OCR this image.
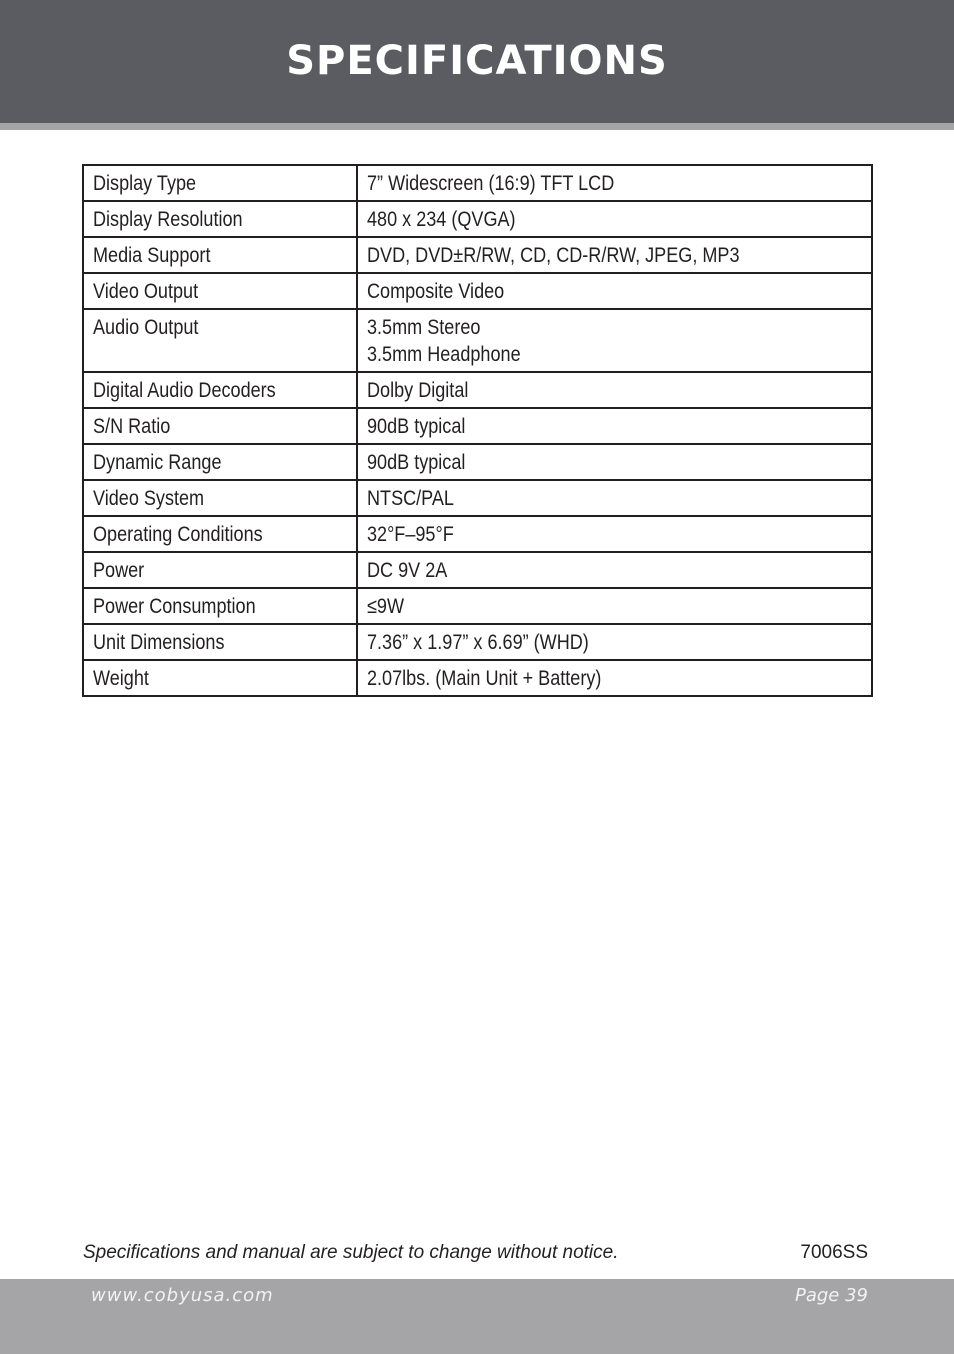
SPECIFICATIONS
Display Type	7” Widescreen (16:9) TFT LCD

Display Resolution	480 x 234 (QVGA)

Media Support	DVD, DVD±R/RW, CD, CD-R/RW, JPEG, MP3

Video Output	Composite Video

Audio Output	3.5mm Stereo
3.5mm Headphone

Digital Audio Decoders	Dolby Digital

S/N Ratio	90dB typical

Dynamic Range	90dB typical

Video System	NTSC/PAL

Operating Conditions	32°F–95°F

Power	DC 9V 2A

Power Consumption	≤9W

Unit Dimensions	7.36” x 1.97” x 6.69” (WHD)

Weight	2.07lbs. (Main Unit + Battery)
Specifications and manual are subject to change without notice.	7006SS
www.cobyusa.com	Page 39
